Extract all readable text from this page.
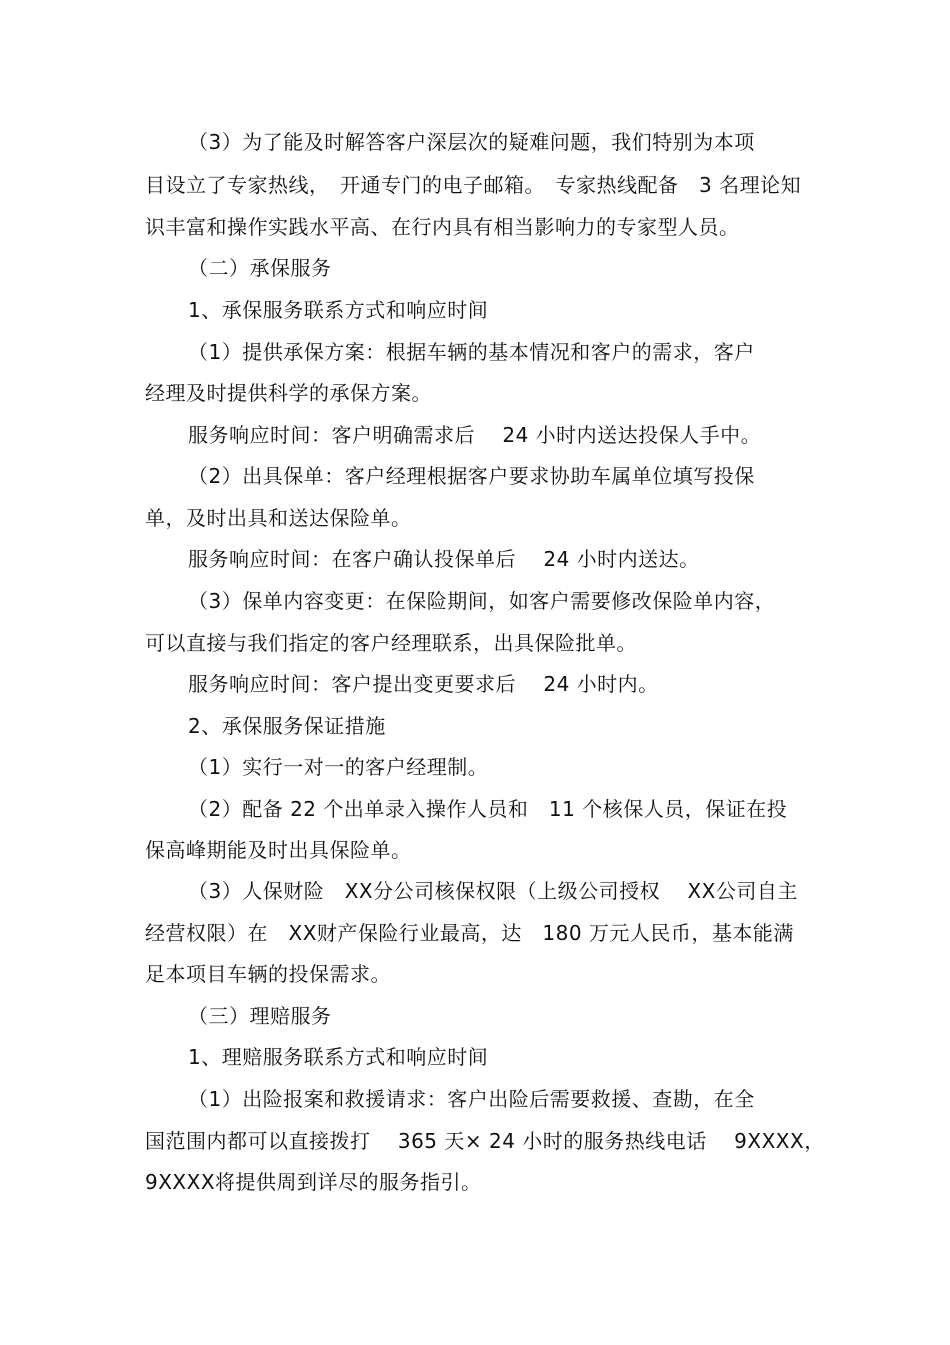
（3）为了能及时解答客户深层次的疑难问题，我们特别为本项
目设立了专家热线，　开通专门的电子邮箱。　专家热线配备　3 名理论知
识丰富和操作实践水平高、在行内具有相当影响力的专家型人员。
（二）承保服务
1、承保服务联系方式和响应时间
（1）提供承保方案：根据车辆的基本情况和客户的需求，客户
经理及时提供科学的承保方案。
服务响应时间：客户明确需求后　 24 小时内送达投保人手中。
（2）出具保单：客户经理根据客户要求协助车属单位填写投保
单，及时出具和送达保险单。
服务响应时间：在客户确认投保单后　 24 小时内送达。
（3）保单内容变更：在保险期间，如客户需要修改保险单内容，
可以直接与我们指定的客户经理联系，出具保险批单。
服务响应时间：客户提出变更要求后　 24 小时内。
2、承保服务保证措施
（1）实行一对一的客户经理制。
（2）配备 22 个出单录入操作人员和　11 个核保人员，保证在投
保高峰期能及时出具保险单。
（3）人保财险　XX分公司核保权限（上级公司授权　 XX公司自主
经营权限）在　XX财产保险行业最高，达　180 万元人民币，基本能满
足本项目车辆的投保需求。
（三）理赔服务
1、理赔服务联系方式和响应时间
（1）出险报案和救援请求：客户出险后需要救援、查勘，在全
国范围内都可以直接拨打　 365 天× 24 小时的服务热线电话　 9XXXX，
9XXXX将提供周到详尽的服务指引。
